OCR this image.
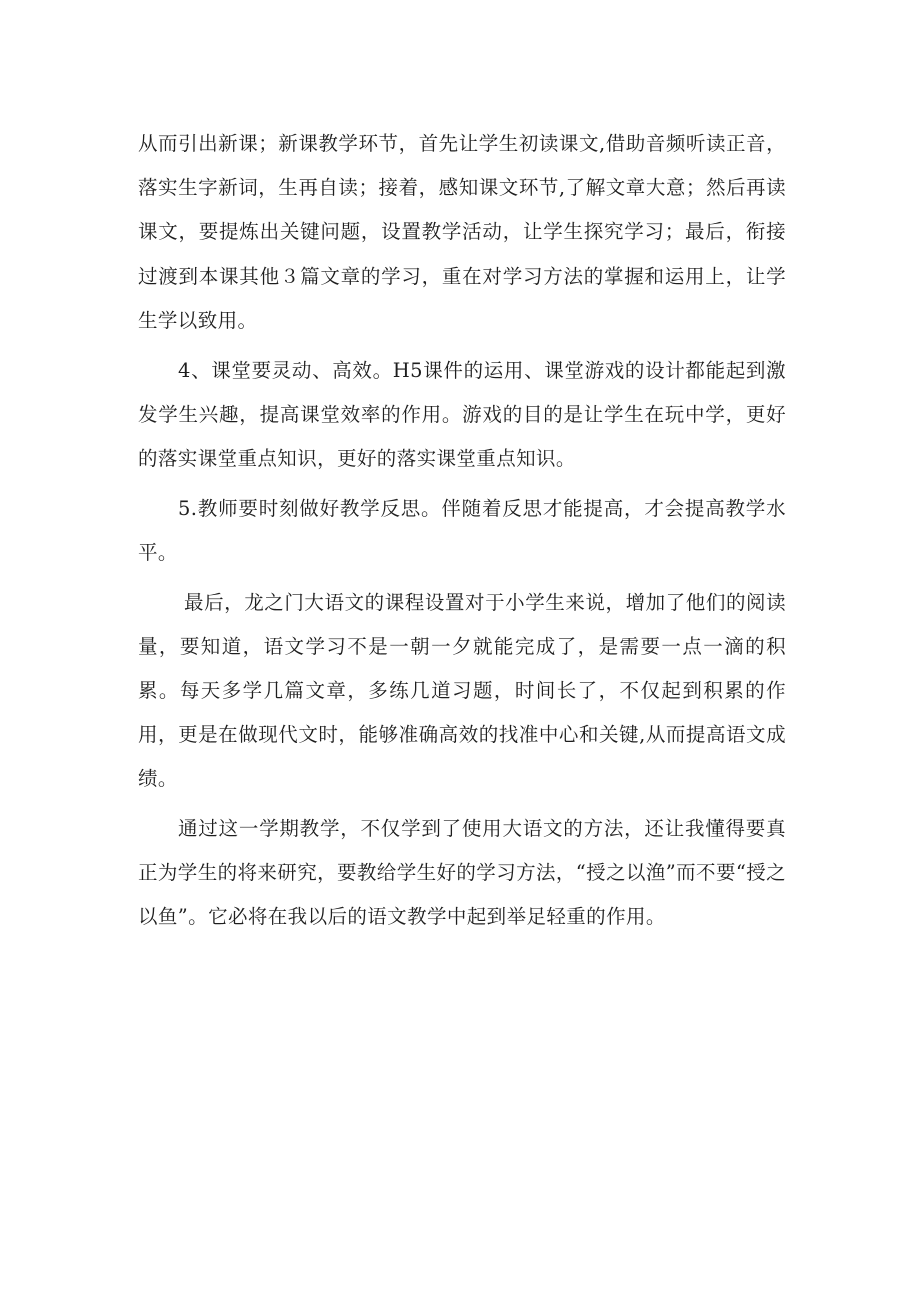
从而引出新课；新课教学环节，首先让学生初读课文,借助音频听读正音，落实生字新词，生再自读；接着，感知课文环节,了解文章大意；然后再读课文，要提炼出关键问题，设置教学活动，让学生探究学习；最后，衔接过渡到本课其他３篇文章的学习，重在对学习方法的掌握和运用上，让学生学以致用。

4、课堂要灵动、高效。H5课件的运用、课堂游戏的设计都能起到激发学生兴趣，提高课堂效率的作用。游戏的目的是让学生在玩中学，更好的落实课堂重点知识，更好的落实课堂重点知识。

5.教师要时刻做好教学反思。伴随着反思才能提高，才会提高教学水平。

最后，龙之门大语文的课程设置对于小学生来说，增加了他们的阅读量，要知道，语文学习不是一朝一夕就能完成了，是需要一点一滴的积累。每天多学几篇文章，多练几道习题，时间长了，不仅起到积累的作用，更是在做现代文时，能够准确高效的找准中心和关键,从而提高语文成绩。

通过这一学期教学，不仅学到了使用大语文的方法，还让我懂得要真正为学生的将来研究，要教给学生好的学习方法，“授之以渔”而不要“授之以鱼”。它必将在我以后的语文教学中起到举足轻重的作用。
